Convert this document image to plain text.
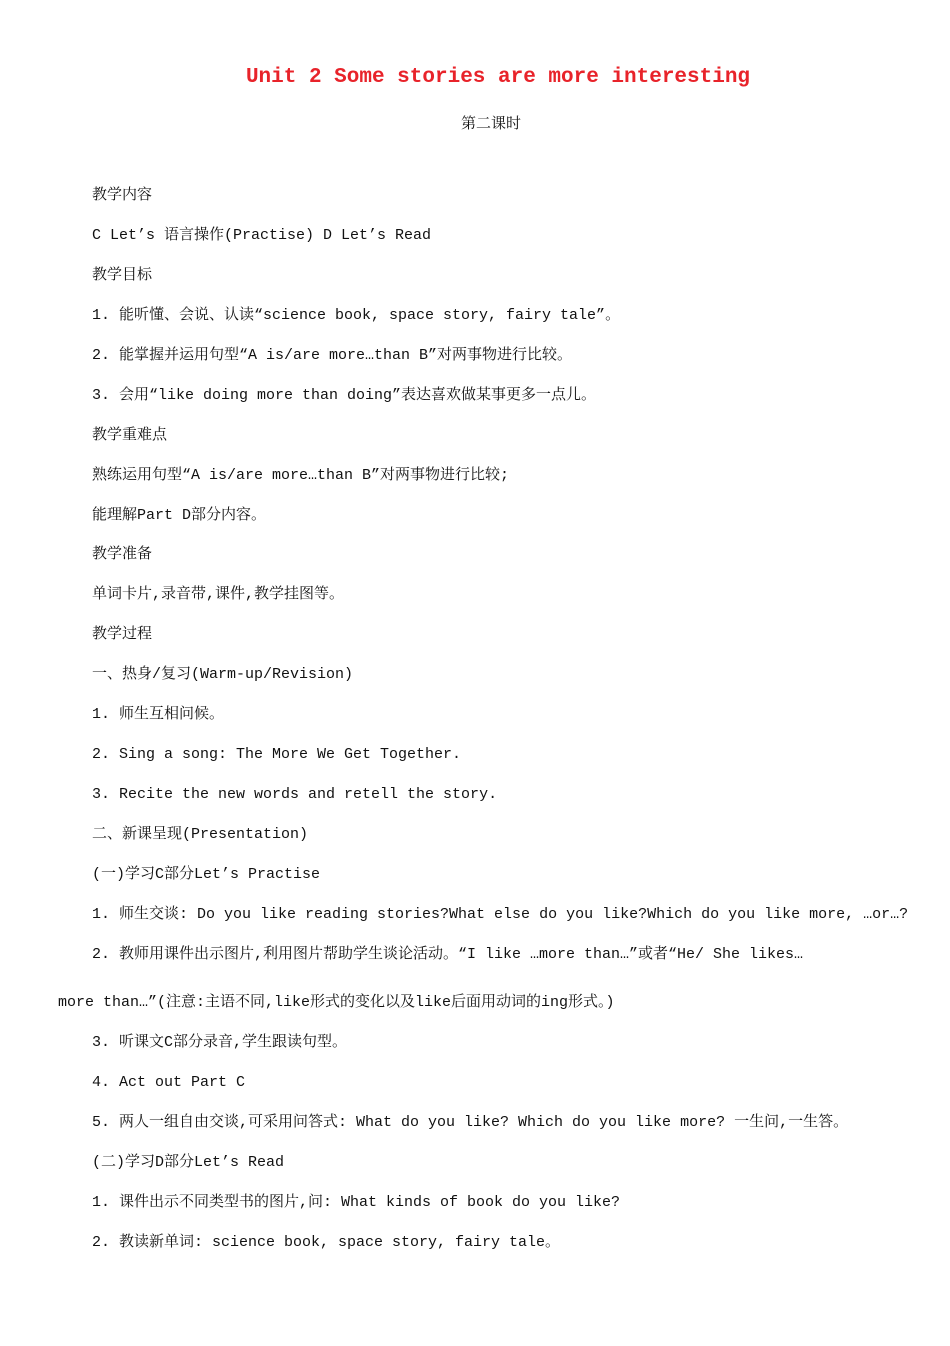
Unit 2 Some stories are more interesting
第二课时
教学内容
C Let’s 语言操作(Practise) D Let’s Read
教学目标
1. 能听懂、会说、认读“science book, space story, fairy tale”。
2. 能掌握并运用句型“A is/are more…than B”对两事物进行比较。
3. 会用“like doing more than doing”表达喜欢做某事更多一点儿。
教学重难点
熟练运用句型“A is/are more…than B”对两事物进行比较;
能理解Part D部分内容。
教学准备
单词卡片,录音带,课件,教学挂图等。
教学过程
一、热身/复习(Warm-up/Revision)
1. 师生互相问候。
2. Sing a song: The More We Get Together.
3. Recite the new words and retell the story.
二、新课呈现(Presentation)
(一)学习C部分Let’s Practise
1. 师生交谈: Do you like reading stories?What else do you like?Which do you like more, …or…?
2. 教师用课件出示图片,利用图片帮助学生谈论活动。“I like …more than…”或者“He/ She likes…
more than…”(注意:主语不同,like形式的变化以及like后面用动词的ing形式。)
3. 听课文C部分录音,学生跟读句型。
4. Act out Part C
5. 两人一组自由交谈,可采用问答式: What do you like? Which do you like more? 一生问,一生答。
(二)学习D部分Let’s Read
1. 课件出示不同类型书的图片,问: What kinds of book do you like?
2. 教读新单词: science book, space story, fairy tale。
